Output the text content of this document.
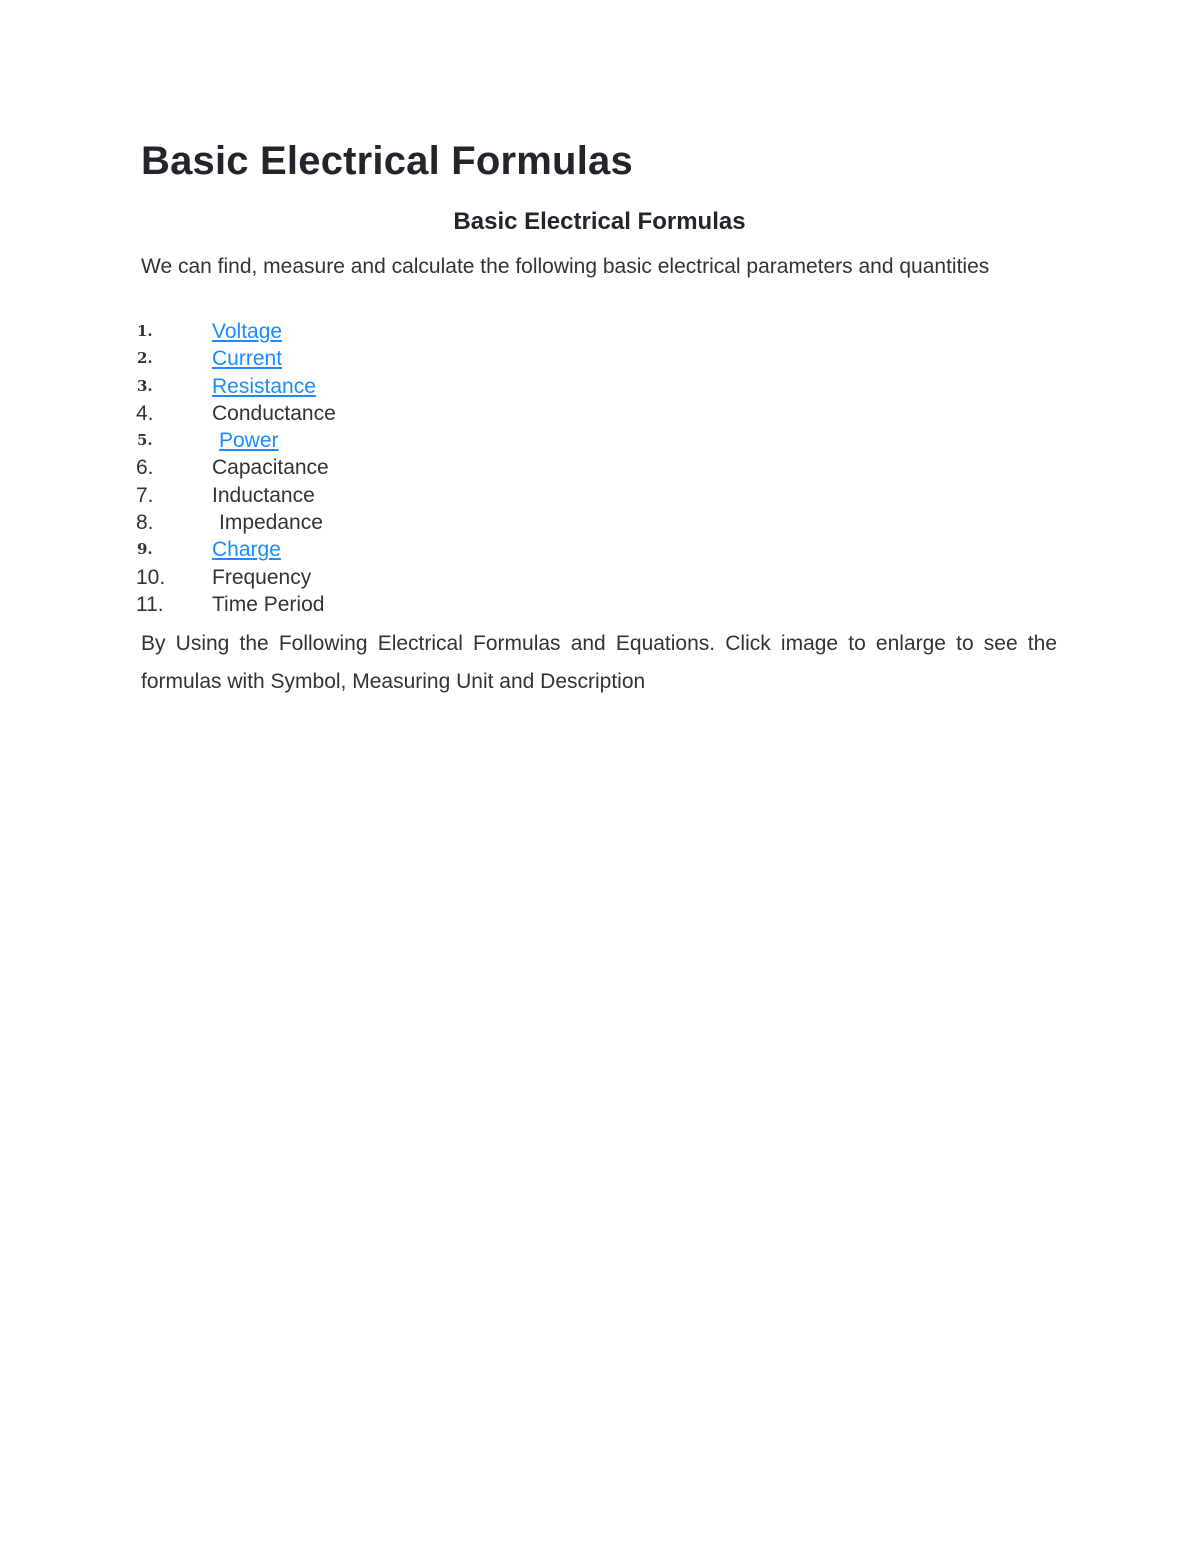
Basic Electrical Formulas
Basic Electrical Formulas

We can find, measure and calculate the following basic electrical parameters and quantities

1.	Voltage
2.	Current
3.	Resistance
4.	Conductance
5.	Power
6.	Capacitance
7.	Inductance
8.	Impedance
9.	Charge
10. Frequency
11. Time Period

By Using the Following Electrical Formulas and Equations. Click image to enlarge to see the formulas with Symbol, Measuring Unit and Description
